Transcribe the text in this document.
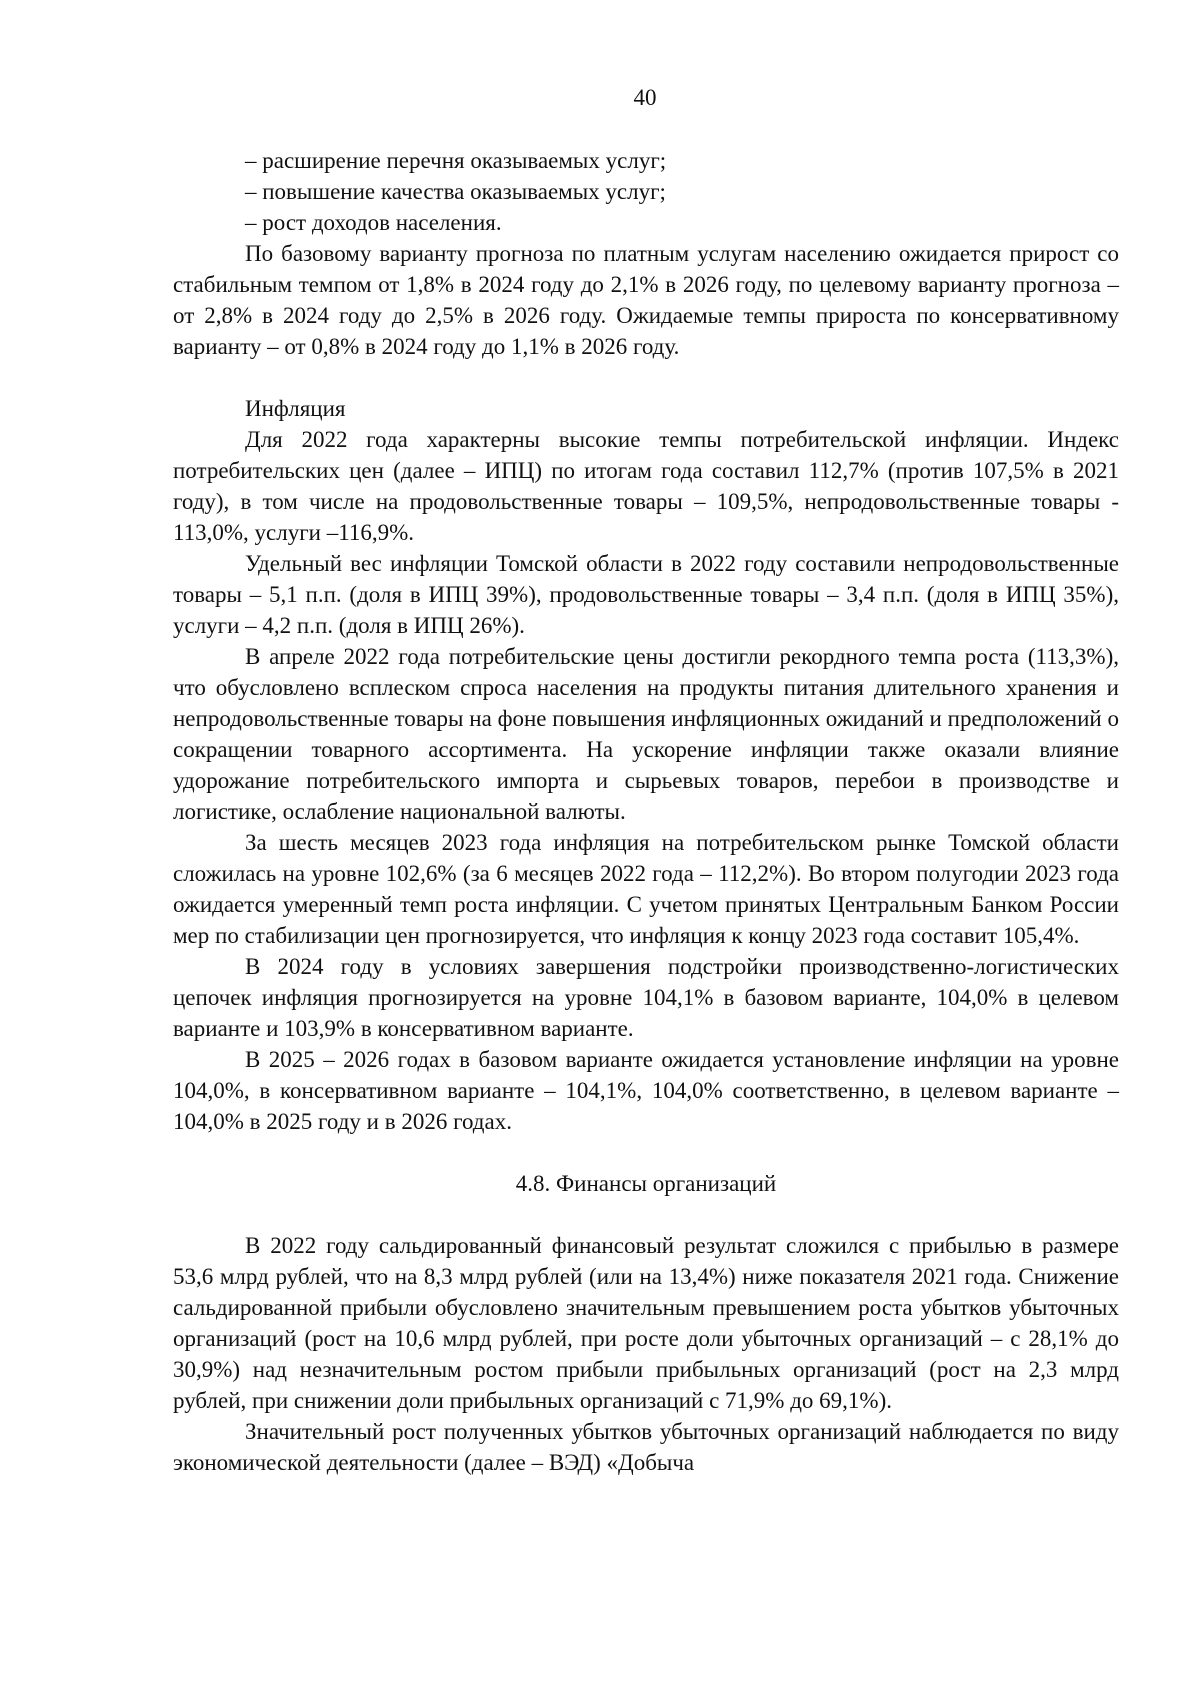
40

– расширение перечня оказываемых услуг;

– повышение качества оказываемых услуг;

– рост доходов населения.

По базовому варианту прогноза по платным услугам населению ожидается прирост со стабильным темпом от 1,8% в 2024 году до 2,1% в 2026 году, по целевому варианту прогноза – от 2,8% в 2024 году до 2,5% в 2026 году. Ожидаемые темпы прироста по консервативному варианту – от 0,8% в 2024 году до 1,1% в 2026 году.

Инфляция

Для 2022 года характерны высокие темпы потребительской инфляции. Индекс потребительских цен (далее – ИПЦ) по итогам года составил 112,7% (против 107,5% в 2021 году), в том числе на продовольственные товары – 109,5%, непродовольственные товары - 113,0%, услуги –116,9%.

Удельный вес инфляции Томской области в 2022 году составили непродовольственные товары – 5,1 п.п. (доля в ИПЦ 39%), продовольственные товары – 3,4 п.п. (доля в ИПЦ 35%), услуги – 4,2 п.п. (доля в ИПЦ 26%).

В апреле 2022 года потребительские цены достигли рекордного темпа роста (113,3%), что обусловлено всплеском спроса населения на продукты питания длительного хранения и непродовольственные товары на фоне повышения инфляционных ожиданий и предположений о сокращении товарного ассортимента. На ускорение инфляции также оказали влияние удорожание потребительского импорта и сырьевых товаров, перебои в производстве и логистике, ослабление национальной валюты.

За шесть месяцев 2023 года инфляция на потребительском рынке Томской области сложилась на уровне 102,6% (за 6 месяцев 2022 года – 112,2%). Во втором полугодии 2023 года ожидается умеренный темп роста инфляции. С учетом принятых Центральным Банком России мер по стабилизации цен прогнозируется, что инфляция к концу 2023 года составит 105,4%.

В 2024 году в условиях завершения подстройки производственно-логистических цепочек инфляция прогнозируется на уровне 104,1% в базовом варианте, 104,0% в целевом варианте и 103,9% в консервативном варианте.

В 2025 – 2026 годах в базовом варианте ожидается установление инфляции на уровне 104,0%, в консервативном варианте – 104,1%, 104,0% соответственно, в целевом варианте – 104,0% в 2025 году и в 2026 годах.

4.8. Финансы организаций

В 2022 году сальдированный финансовый результат сложился с прибылью в размере 53,6 млрд рублей, что на 8,3 млрд рублей (или на 13,4%) ниже показателя 2021 года. Снижение сальдированной прибыли обусловлено значительным превышением роста убытков убыточных организаций (рост на 10,6 млрд рублей, при росте доли убыточных организаций – с 28,1% до 30,9%) над незначительным ростом прибыли прибыльных организаций (рост на 2,3 млрд рублей, при снижении доли прибыльных организаций с 71,9% до 69,1%).

Значительный рост полученных убытков убыточных организаций наблюдается по виду экономической деятельности (далее – ВЭД) «Добыча
